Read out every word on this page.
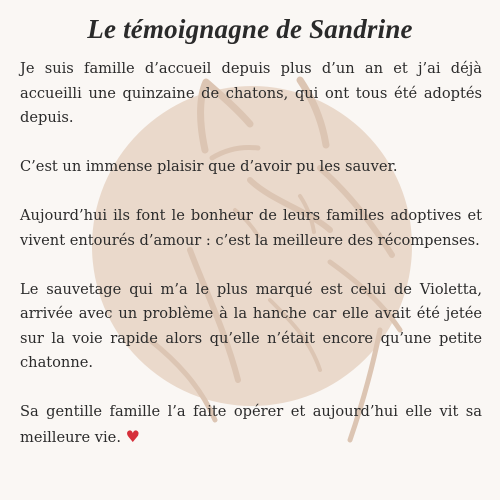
Le témoignagne de Sandrine

Je suis famille d’accueil depuis plus d’un an et j’ai déjà accueilli une quinzaine de chatons, qui ont tous été adoptés depuis.

C’est un immense plaisir que d’avoir pu les sauver.

Aujourd’hui ils font le bonheur de leurs familles adoptives et vivent entourés d’amour : c’est la meilleure des récompenses.

Le sauvetage qui m’a le plus marqué est celui de Violetta, arrivée avec un problème à la hanche car elle avait été jetée sur la voie rapide alors qu’elle n’était encore qu’une petite chatonne.

Sa gentille famille l’a faite opérer et aujourd’hui elle vit sa meilleure vie. ♥
